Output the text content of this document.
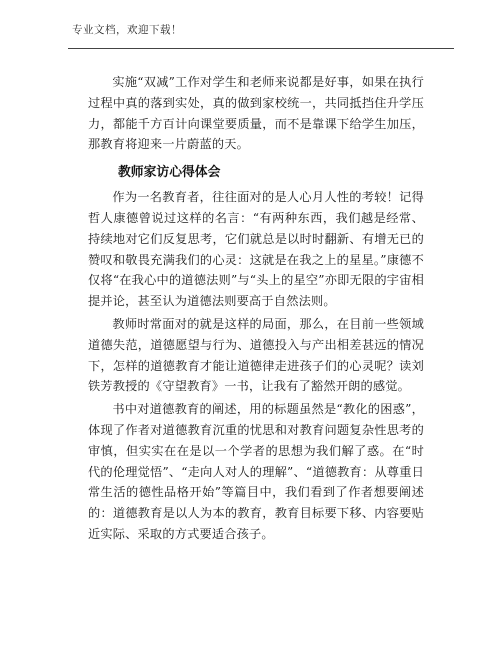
专业文档，欢迎下载！

实施“双减”工作对学生和老师来说都是好事，如果在执行过程中真的落到实处，真的做到家校统一，共同抵挡住升学压力，都能千方百计向课堂要质量，而不是靠课下给学生加压，那教育将迎来一片蔚蓝的天。

教师家访心得体会

作为一名教育者，往往面对的是人心月人性的考较！记得哲人康德曾说过这样的名言：“有两种东西，我们越是经常、持续地对它们反复思考，它们就总是以时时翻新、有增无已的赞叹和敬畏充满我们的心灵：这就是在我之上的星星。”康德不仅将“在我心中的道德法则”与“头上的星空”亦即无限的宇宙相提并论，甚至认为道德法则要高于自然法则。

教师时常面对的就是这样的局面，那么，在目前一些领域道德失范，道德愿望与行为、道德投入与产出相差甚远的情况下，怎样的道德教育才能让道德律走进孩子们的心灵呢？读刘铁芳教授的《守望教育》一书，让我有了豁然开朗的感觉。

书中对道德教育的阐述，用的标题虽然是“教化的困惑”，体现了作者对道德教育沉重的忧思和对教育问题复杂性思考的审慎，但实实在在是以一个学者的思想为我们解了惑。在“时代的伦理觉悟”、“走向人对人的理解”、“道德教育：从尊重日常生活的德性品格开始”等篇目中，我们看到了作者想要阐述的：道德教育是以人为本的教育，教育目标要下移、内容要贴近实际、采取的方式要适合孩子。
